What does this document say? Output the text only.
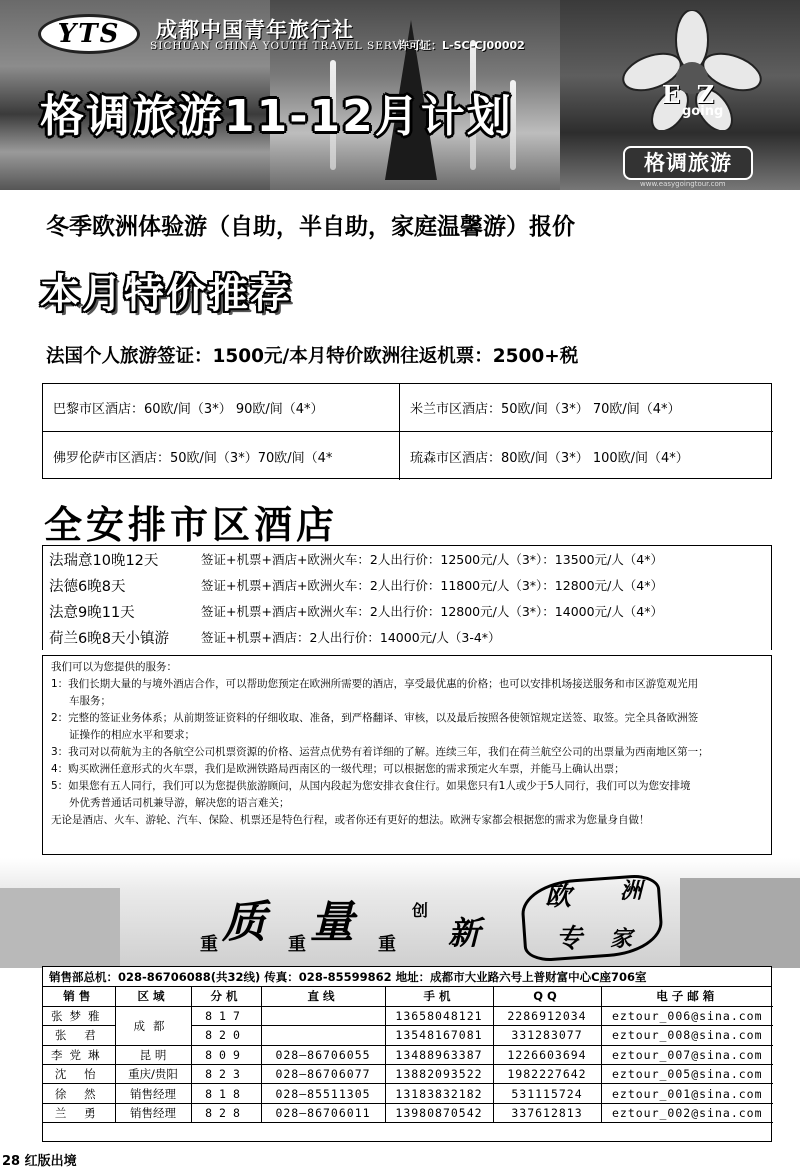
YTS	成都中国青年旅行社
SICHUAN CHINA YOUTH TRAVEL SERVICE
许可证：L-SC-CJ00002
格调旅游11-12月计划	E Z
going
格调旅游
www.easygoingtour.com
冬季欧洲体验游（自助，半自助，家庭温馨游）报价
本月特价推荐
法国个人旅游签证：1500元/本月特价欧洲往返机票：2500+税
巴黎市区酒店：60欧/间（3*） 90欧/间（4*）	米兰市区酒店：50欧/间（3*） 70欧/间（4*）
佛罗伦萨市区酒店：50欧/间（3*）70欧/间（4*	琉森市区酒店：80欧/间（3*） 100欧/间（4*）
全安排市区酒店
法瑞意10晚12天	签证+机票+酒店+欧洲火车：2人出行价：12500元/人（3*）：13500元/人（4*）
法德6晚8天	签证+机票+酒店+欧洲火车：2人出行价：11800元/人（3*）：12800元/人（4*）
法意9晚11天	签证+机票+酒店+欧洲火车：2人出行价：12800元/人（3*）：14000元/人（4*）
荷兰6晚8天小镇游	签证+机票+酒店：2人出行价：14000元/人（3-4*）
我们可以为您提供的服务：
1：我们长期大量的与境外酒店合作，可以帮助您预定在欧洲所需要的酒店，享受最优惠的价格；也可以安排机场接送服务和市区游览观光用
车服务；
2：完整的签证业务体系；从前期签证资料的仔细收取、准备，到严格翻译、审核，以及最后按照各使领馆规定送签、取签。完全具备欧洲签
证操作的相应水平和要求；
3：我司对以荷航为主的各航空公司机票资源的价格、运营点优势有着详细的了解。连续三年，我们在荷兰航空公司的出票量为西南地区第一；
4：购买欧洲任意形式的火车票，我们是欧洲铁路局西南区的一级代理；可以根据您的需求预定火车票，并能马上确认出票；
5：如果您有五人同行，我们可以为您提供旅游顾问，从国内段起为您安排衣食住行。如果您只有1人或少于5人同行，我们可以为您安排境
外优秀普通话司机兼导游，解决您的语言难关；
无论是酒店、火车、游轮、汽车、保险、机票还是特色行程，或者你还有更好的想法。欧洲专家都会根据您的需求为您量身自做！
重 质 重 量 重
创
新
欧 洲
专 家
销售部总机：028-86706088(共32线) 传真：028-85599862 地址：成都市大业路六号上普财富中心C座706室
销售	区域	分机	直线	手机	QQ	电子邮箱
张梦雅	成都	817		13658048121	2286912034	eztour_006@sina.com
张 君		820		13548167081	331283077	eztour_008@sina.com
李党琳	昆 明	809	028—86706055	13488963387	1226603694	eztour_007@sina.com
沈 怡	重庆/贵阳	823	028—86706077	13882093522	1982227642	eztour_005@sina.com
徐 然	销售经理	818	028—85511305	13183832182	531115724	eztour_001@sina.com
兰 勇	销售经理	828	028—86706011	13980870542	337612813	eztour_002@sina.com
28 红版出境
